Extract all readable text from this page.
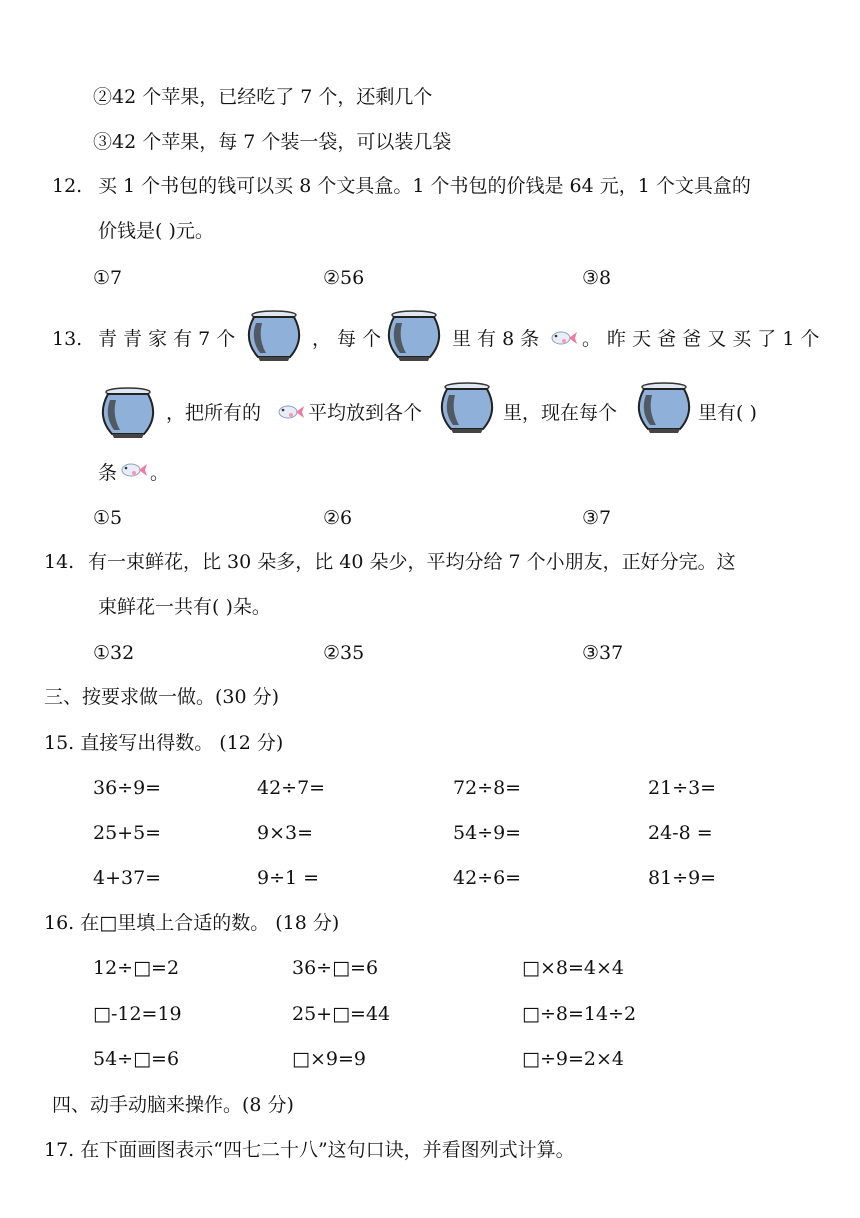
②42 个苹果，已经吃了 7 个，还剩几个
③42 个苹果，每 7 个装一袋，可以装几袋
12. 买 1 个书包的钱可以买 8 个文具盒。1 个书包的价钱是 64 元，1 个文具盒的
价钱是( )元。
①7	②56	③8
13. 青 青 家 有 7 个	， 每 个	里 有 8 条 。 昨 天 爸 爸 又 买 了 1 个
，把所有的 平均放到各个	里，现在每个	里有( )
条 。
①5	②6	③7
14. 有一束鲜花，比 30 朵多，比 40 朵少，平均分给 7 个小朋友，正好分完。这
束鲜花一共有( )朵。
①32	②35	③37
三、按要求做一做。(30 分)
15. 直接写出得数。 (12 分)
36÷9=	42÷7=	72÷8=	21÷3=
25+5=	9×3=	54÷9=	24-8 =
4+37=	9÷1 =	42÷6=	81÷9=
16. 在□里填上合适的数。 (18 分)
12÷□=2	36÷□=6	□×8=4×4
□-12=19	25+□=44	□÷8=14÷2
54÷□=6	□×9=9	□÷9=2×4
四、动手动脑来操作。(8 分)
17. 在下面画图表示“四七二十八”这句口诀，并看图列式计算。
